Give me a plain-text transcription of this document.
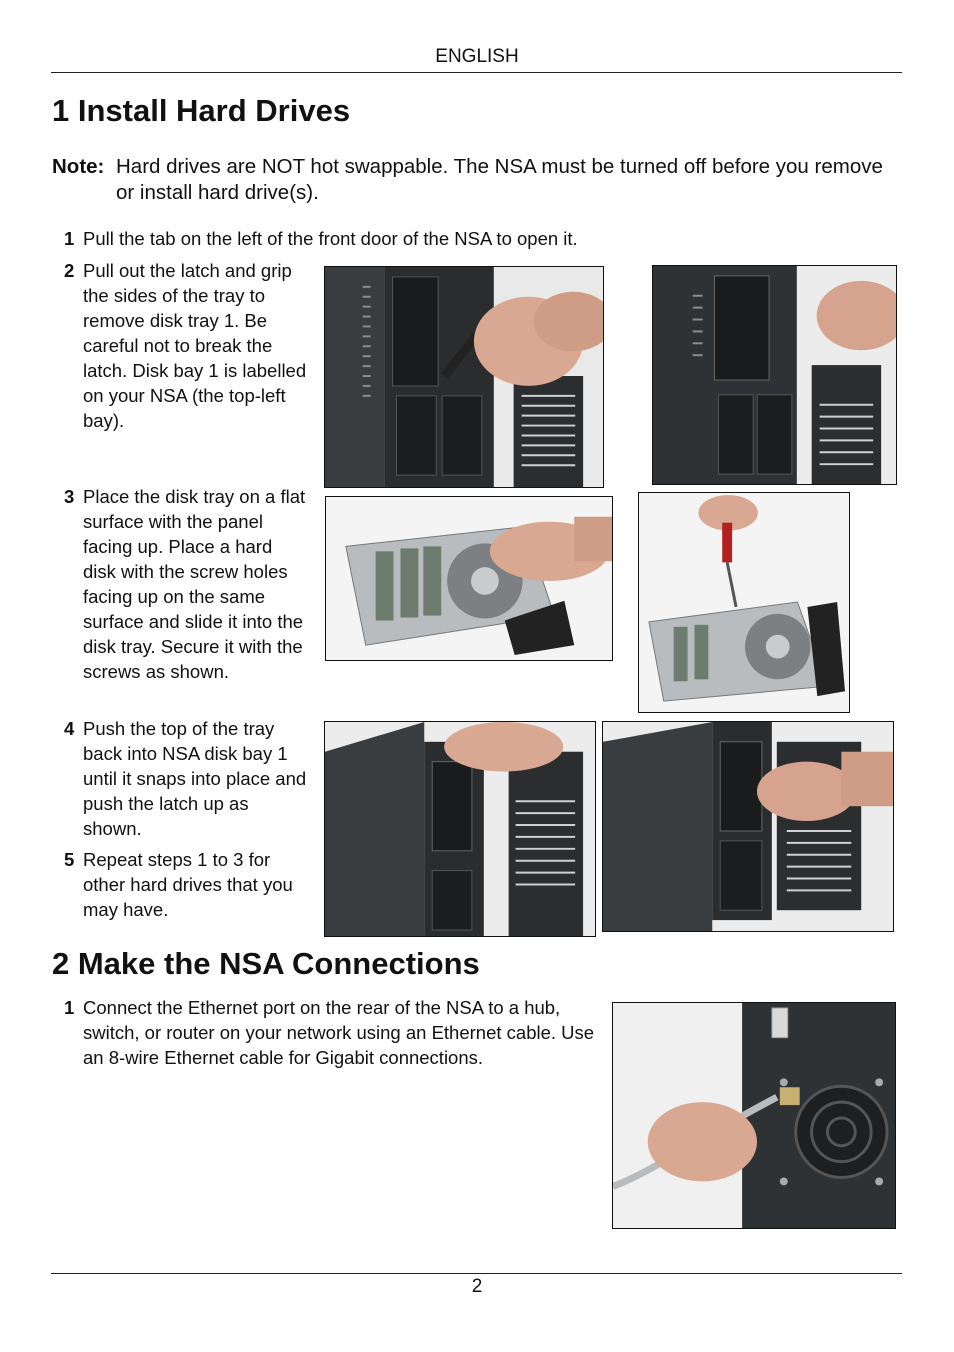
ENGLISH
1 Install Hard Drives
Note: Hard drives are NOT hot swappable. The NSA must be turned off before you remove or install hard drive(s).
1 Pull the tab on the left of the front door of the NSA to open it.
2 Pull out the latch and grip the sides of the tray to remove disk tray 1. Be careful not to break the latch. Disk bay 1 is labelled on your NSA (the top-left bay).
3 Place the disk tray on a flat surface with the panel facing up. Place a hard disk with the screw holes facing up on the same surface and slide it into the disk tray. Secure it with the screws as shown.
4 Push the top of the tray back into NSA disk bay 1 until it snaps into place and push the latch up as shown.
5 Repeat steps 1 to 3 for other hard drives that you may have.
2 Make the NSA Connections
1 Connect the Ethernet port on the rear of the NSA to a hub, switch, or router on your network using an Ethernet cable. Use an 8-wire Ethernet cable for Gigabit connections.
2
